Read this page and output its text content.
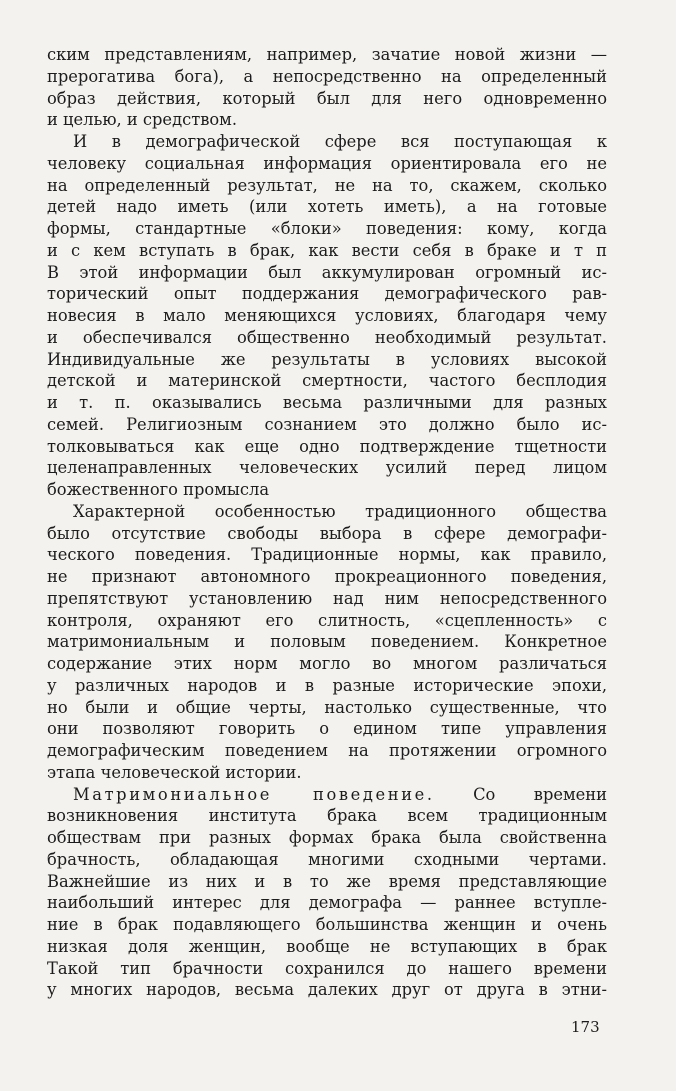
ским представлениям, например, зачатие новой жизни —
прерогатива бога), а непосредственно на определенный
образ действия, который был для него одновременно
и целью, и средством.
И в демографической сфере вся поступающая к
человеку социальная информация ориентировала его не
на определенный результат, не на то, скажем, сколько
детей надо иметь (или хотеть иметь), а на готовые
формы, стандартные «блоки» поведения: кому, когда
и с кем вступать в брак, как вести себя в браке и т п
В этой информации был аккумулирован огромный ис-
торический опыт поддержания демографического рав-
новесия в мало меняющихся условиях, благодаря чему
и обеспечивался общественно необходимый результат.
Индивидуальные же результаты в условиях высокой
детской и материнской смертности, частого бесплодия
и т. п. оказывались весьма различными для разных
семей. Религиозным сознанием это должно было ис-
толковываться как еще одно подтверждение тщетности
целенаправленных человеческих усилий перед лицом
божественного промысла
Характерной особенностью традиционного общества
было отсутствие свободы выбора в сфере демографи-
ческого поведения. Традиционные нормы, как правило,
не признают автономного прокреационного поведения,
препятствуют установлению над ним непосредственного
контроля, охраняют его слитность, «сцепленность» с
матримониальным и половым поведением. Конкретное
содержание этих норм могло во многом различаться
у различных народов и в разные исторические эпохи,
но были и общие черты, настолько существенные, что
они позволяют говорить о едином типе управления
демографическим поведением на протяжении огромного
этапа человеческой истории.
Матримониальное поведение. Со времени
возникновения института брака всем традиционным
обществам при разных формах брака была свойственна
брачность, обладающая многими сходными чертами.
Важнейшие из них и в то же время представляющие
наибольший интерес для демографа — раннее вступле-
ние в брак подавляющего большинства женщин и очень
низкая доля женщин, вообще не вступающих в брак
Такой тип брачности сохранился до нашего времени
у многих народов, весьма далеких друг от друга в этни-
173
